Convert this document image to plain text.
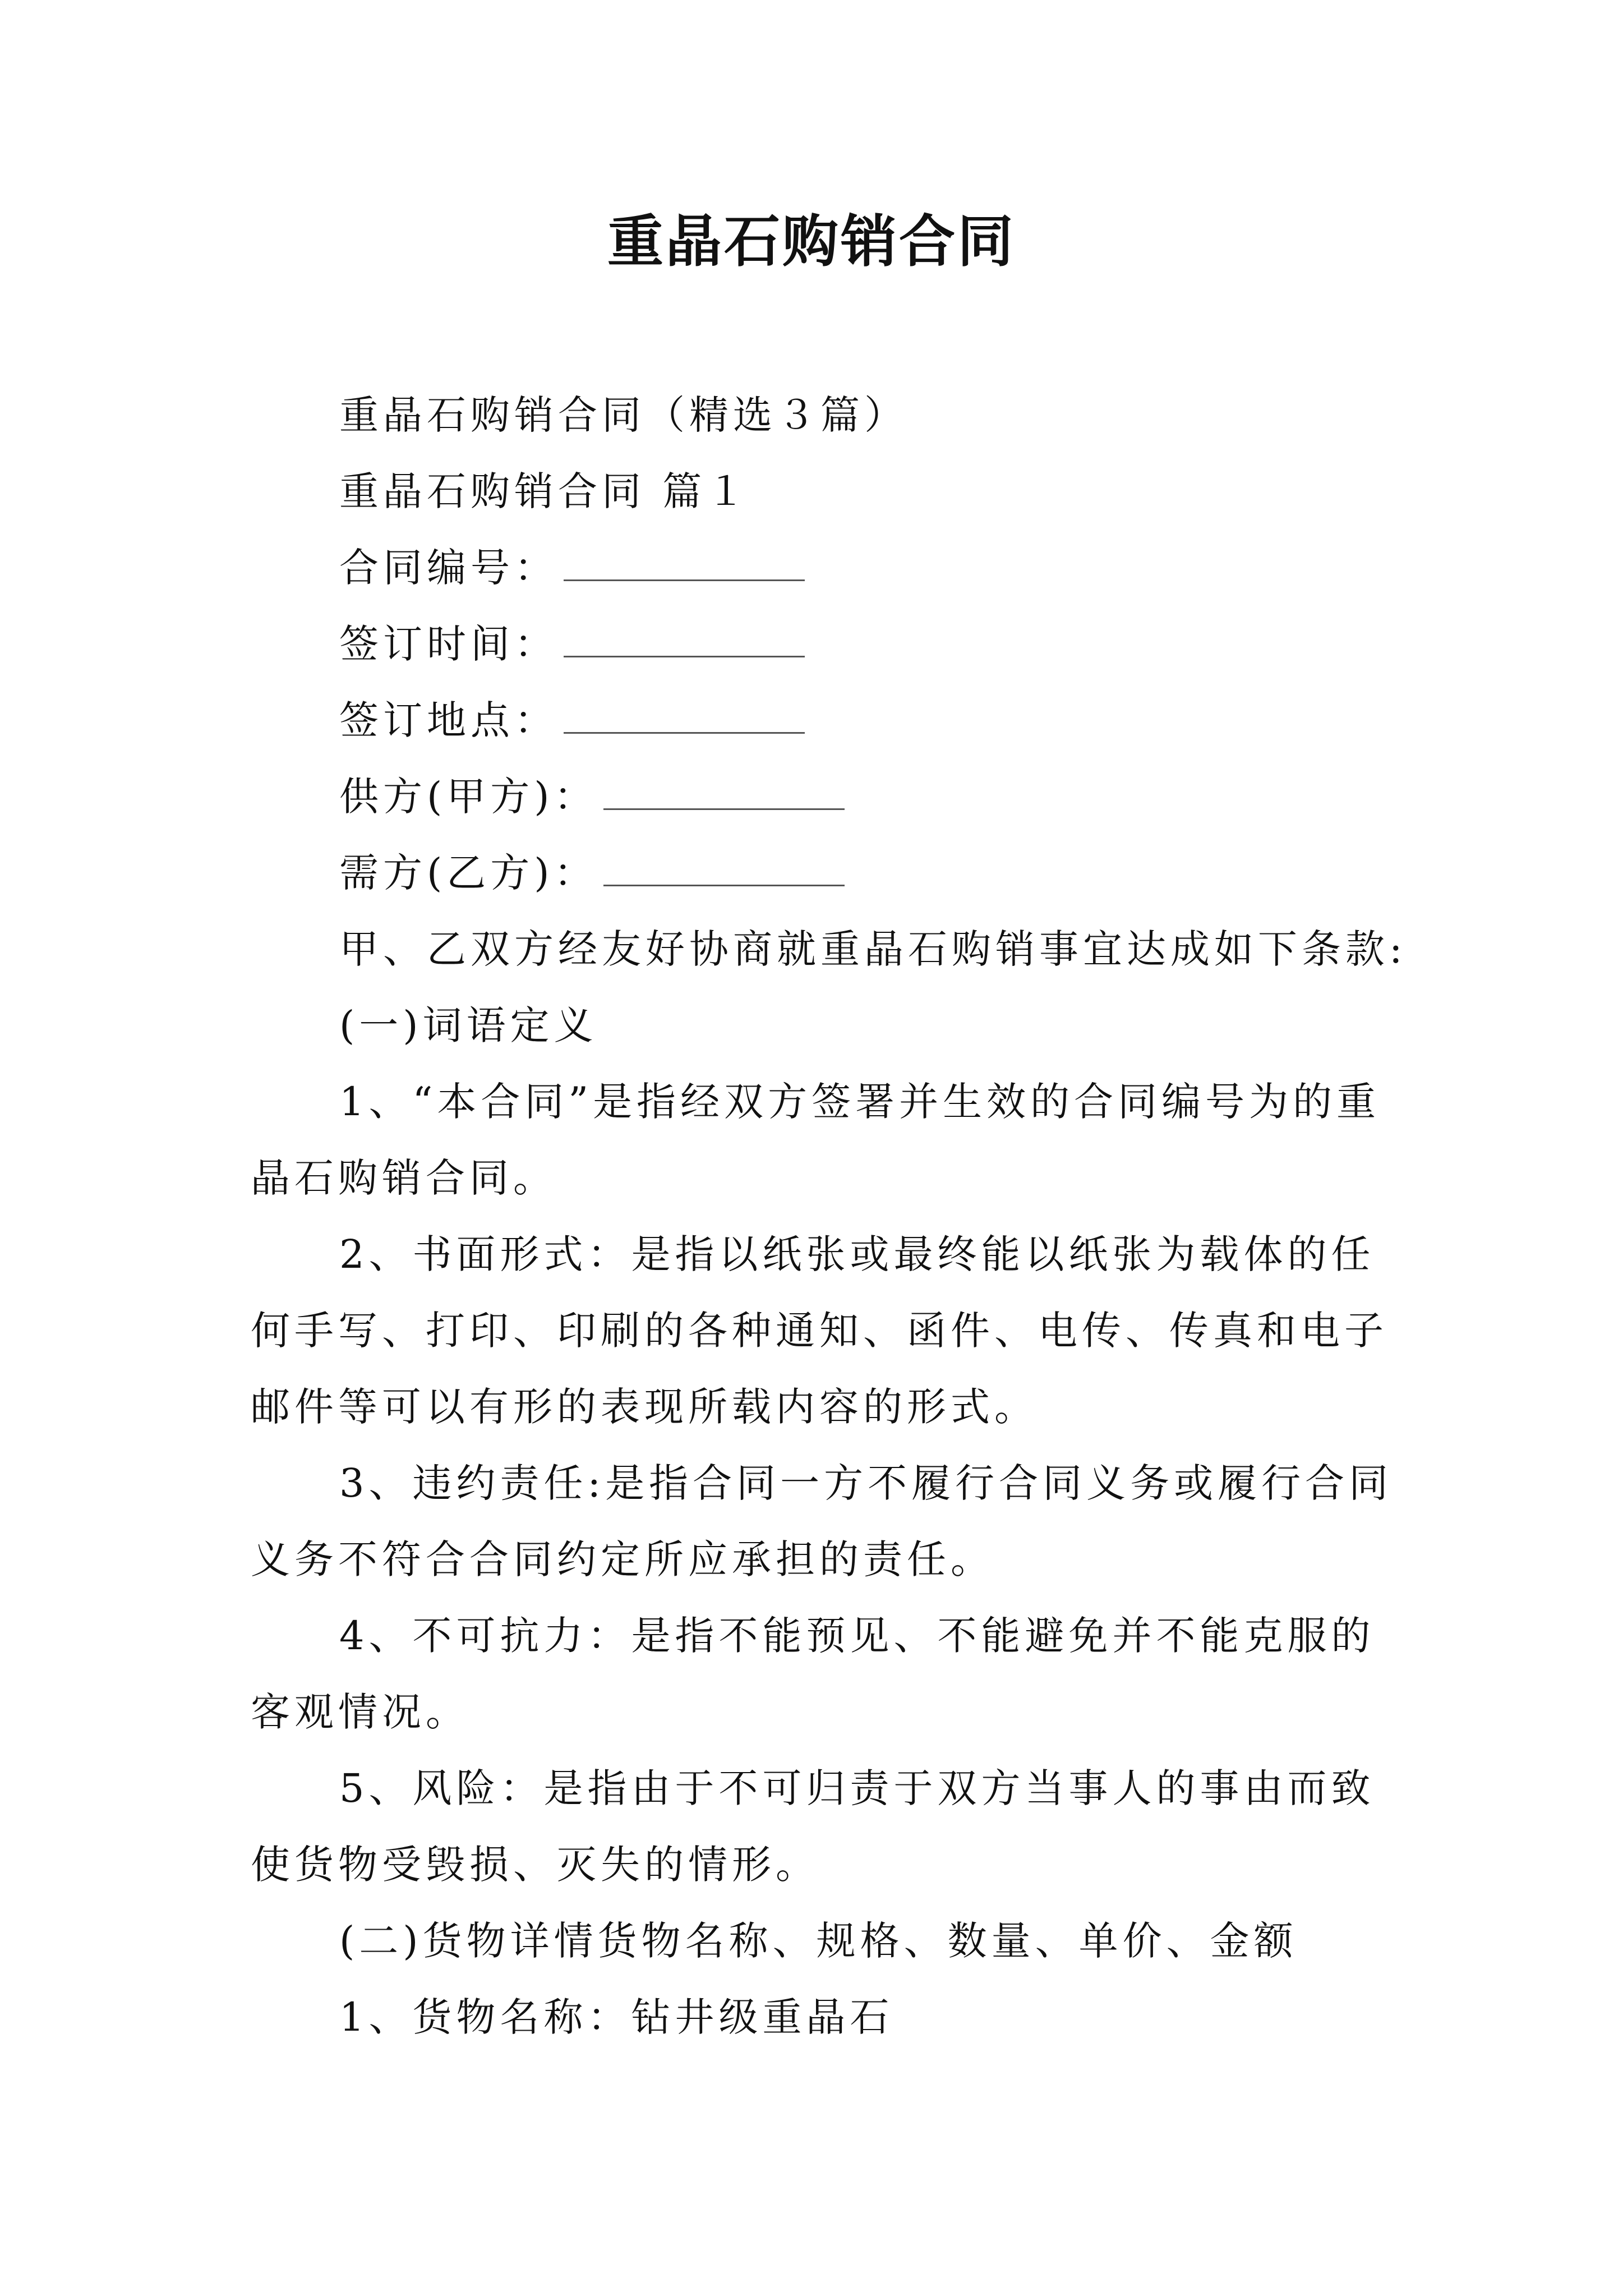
重晶石购销合同
重晶石购销合同（精选３篇）
重晶石购销合同 篇１
合同编号：
签订时间：
签订地点：
供方(甲方)：
需方(乙方)：
甲、乙双方经友好协商就重晶石购销事宜达成如下条款:
(一)词语定义
1、“本合同”是指经双方签署并生效的合同编号为的重
晶石购销合同。
2、书面形式：是指以纸张或最终能以纸张为载体的任
何手写、打印、印刷的各种通知、函件、电传、传真和电子
邮件等可以有形的表现所载内容的形式。
3、违约责任:是指合同一方不履行合同义务或履行合同
义务不符合合同约定所应承担的责任。
4、不可抗力：是指不能预见、不能避免并不能克服的
客观情况。
5、风险：是指由于不可归责于双方当事人的事由而致
使货物受毁损、灭失的情形。
(二)货物详情货物名称、规格、数量、单价、金额
1、货物名称：钻井级重晶石
